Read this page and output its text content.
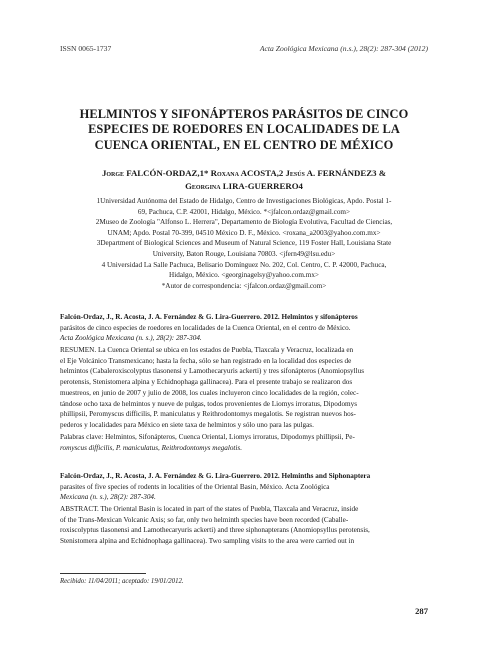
ISSN 0065-1737	Acta Zoológica Mexicana (n.s.), 28(2): 287-304 (2012)
HELMINTOS Y SIFONÁPTEROS PARÁSITOS DE CINCO
ESPECIES DE ROEDORES EN LOCALIDADES DE LA
CUENCA ORIENTAL, EN EL CENTRO DE MÉXICO
Jorge FALCÓN-ORDAZ,1* Roxana ACOSTA,2 Jesús A. FERNÁNDEZ3 &
Georgina LIRA-GUERRERO4
1Universidad Autónoma del Estado de Hidalgo, Centro de Investigaciones Biológicas, Apdo. Postal 1-
69, Pachuca, C.P. 42001, Hidalgo, México. *<jfalcon.ordaz@gmail.com>
2Museo de Zoología "Alfonso L. Herrera", Departamento de Biología Evolutiva, Facultad de Ciencias,
UNAM; Apdo. Postal 70-399, 04510 México D. F., México. <roxana_a2003@yahoo.com.mx>
3Department of Biological Sciences and Museum of Natural Science, 119 Foster Hall, Louisiana State
University, Baton Rouge, Louisiana 70803. <jfern49@lsu.edu>
4 Universidad La Salle Pachuca, Belisario Domínguez No. 202, Col. Centro, C. P. 42000, Pachuca,
Hidalgo, México. <georginagelsy@yahoo.com.mx>
*Autor de correspondencia: <jfalcon.ordaz@gmail.com>
Falcón-Ordaz, J., R. Acosta, J. A. Fernández & G. Lira-Guerrero. 2012. Helmintos y sifonápteros
parásitos de cinco especies de roedores en localidades de la Cuenca Oriental, en el centro de México.
Acta Zoológica Mexicana (n. s.), 28(2): 287-304.
RESUMEN. La Cuenca Oriental se ubica en los estados de Puebla, Tlaxcala y Veracruz, localizada en
el Eje Volcánico Transmexicano; hasta la fecha, sólo se han registrado en la localidad dos especies de
helmintos (Cabaleroxiscolyptus tlasonensi y Lamothecaryuris ackerti) y tres sifonápteros (Anomiopsyllus
perotensis, Stenistomera alpina y Echidnophaga gallinacea). Para el presente trabajo se realizaron dos
muestreos, en junio de 2007 y julio de 2008, los cuales incluyeron cinco localidades de la región, colec-
tándose ocho taxa de helmintos y nueve de pulgas, todos provenientes de Liomys irroratus, Dipodomys
phillipsii, Peromyscus difficilis, P. maniculatus y Reithrodontomys megalotis. Se registran nuevos hos-
pederos y localidades para México en siete taxa de helmintos y sólo uno para las pulgas.
Palabras clave: Helmintos, Sifonápteros, Cuenca Oriental, Liomys irroratus, Dipodomys phillipsii, Pe-
romyscus difficilis, P. maniculatus, Reithrodontomys megalotis.
Falcón-Ordaz, J., R. Acosta, J. A. Fernández & G. Lira-Guerrero. 2012. Helminths and Siphonaptera
parasites of five species of rodents in localities of the Oriental Basin, México. Acta Zoológica
Mexicana (n. s.), 28(2): 287-304.
ABSTRACT. The Oriental Basin is located in part of the states of Puebla, Tlaxcala and Veracruz, inside
of the Trans-Mexican Volcanic Axis; so far, only two helminth species have been recorded (Caballe-
roxiscolyptus tlasonensi and Lamothecaryuris ackerti) and three siphonapterans (Anomiopsyllus perotensis,
Stenistomera alpina and Echidnophaga gallinacea). Two sampling visits to the area were carried out in
Recibido: 11/04/2011; aceptado: 19/01/2012.
287
